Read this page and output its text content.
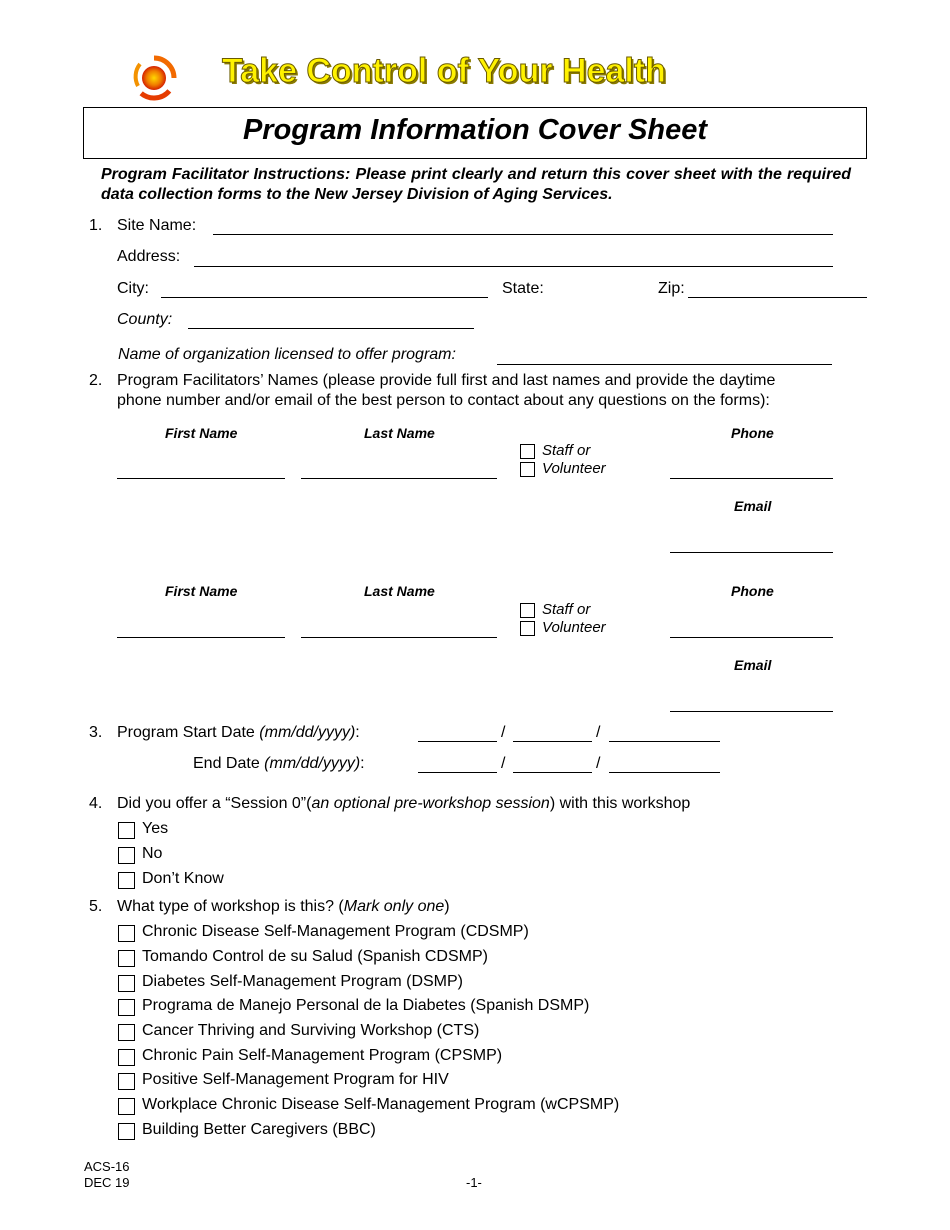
Take Control of Your Health
Program Information Cover Sheet
Program Facilitator Instructions: Please print clearly and return this cover sheet with the required data collection forms to the New Jersey Division of Aging Services.
1. Site Name:
Address:
City:	State:	Zip:
County:
Name of organization licensed to offer program:
2. Program Facilitators’ Names (please provide full first and last names and provide the daytime
phone number and/or email of the best person to contact about any questions on the forms):
First Name	Last Name	Phone
Staff or
Volunteer
Email
First Name	Last Name	Phone
Staff or
Volunteer
Email
3. Program Start Date (mm/dd/yyyy):	/	/
End Date (mm/dd/yyyy):	/	/
4. Did you offer a “Session 0”(an optional pre-workshop session) with this workshop
Yes
No
Don’t Know
5. What type of workshop is this? (Mark only one)
Chronic Disease Self-Management Program (CDSMP)
Tomando Control de su Salud (Spanish CDSMP)
Diabetes Self-Management Program (DSMP)
Programa de Manejo Personal de la Diabetes (Spanish DSMP)
Cancer Thriving and Surviving Workshop (CTS)
Chronic Pain Self-Management Program (CPSMP)
Positive Self-Management Program for HIV
Workplace Chronic Disease Self-Management Program (wCPSMP)
Building Better Caregivers (BBC)
ACS-16
DEC 19	-1-
